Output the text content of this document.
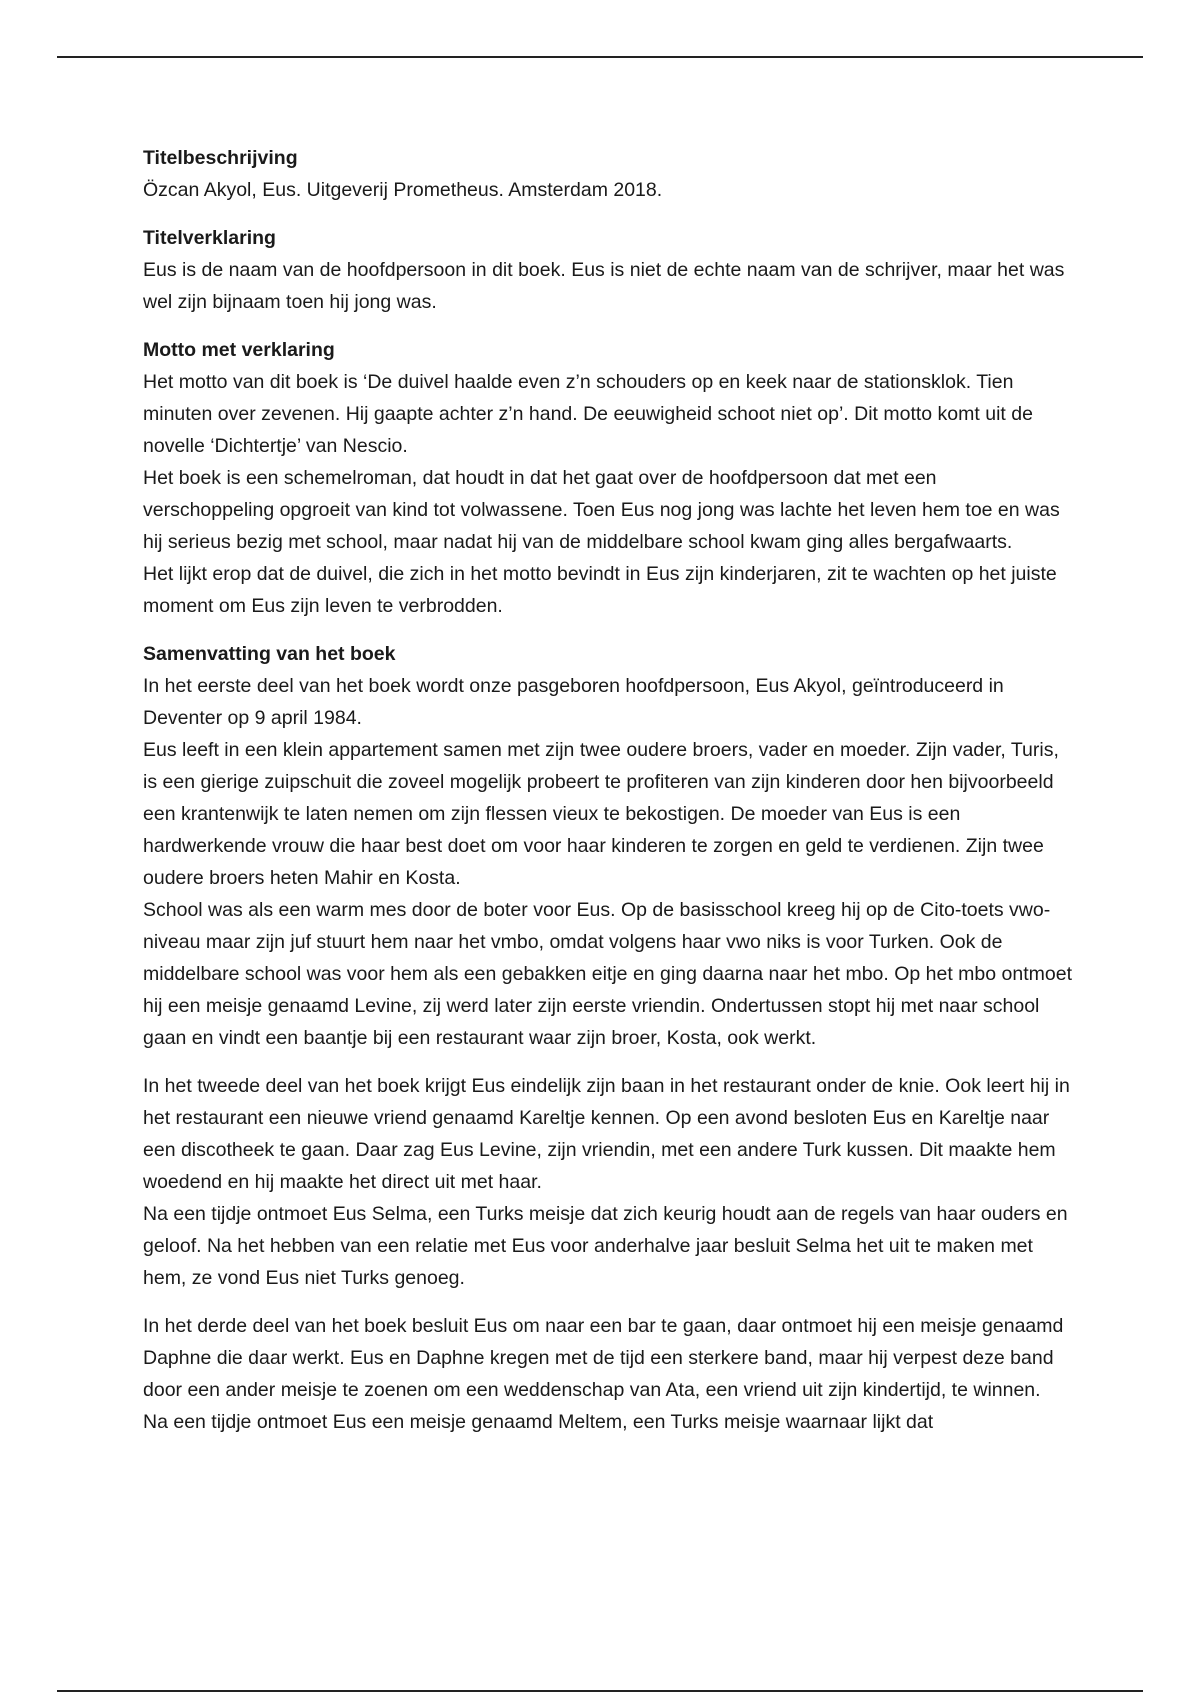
Titelbeschrijving

Özcan Akyol, Eus. Uitgeverij Prometheus. Amsterdam 2018.

Titelverklaring

Eus is de naam van de hoofdpersoon in dit boek. Eus is niet de echte naam van de schrijver, maar het was wel zijn bijnaam toen hij jong was.

Motto met verklaring

Het motto van dit boek is ‘De duivel haalde even z’n schouders op en keek naar de stationsklok. Tien minuten over zevenen. Hij gaapte achter z’n hand. De eeuwigheid schoot niet op’. Dit motto komt uit de novelle ‘Dichtertje’ van Nescio.

Het boek is een schemelroman, dat houdt in dat het gaat over de hoofdpersoon dat met een verschoppeling opgroeit van kind tot volwassene. Toen Eus nog jong was lachte het leven hem toe en was hij serieus bezig met school, maar nadat hij van de middelbare school kwam ging alles bergafwaarts.

Het lijkt erop dat de duivel, die zich in het motto bevindt in Eus zijn kinderjaren, zit te wachten op het juiste moment om Eus zijn leven te verbrodden.

Samenvatting van het boek

In het eerste deel van het boek wordt onze pasgeboren hoofdpersoon, Eus Akyol, geïntroduceerd in Deventer op 9 april 1984.

Eus leeft in een klein appartement samen met zijn twee oudere broers, vader en moeder. Zijn vader, Turis, is een gierige zuipschuit die zoveel mogelijk probeert te profiteren van zijn kinderen door hen bijvoorbeeld een krantenwijk te laten nemen om zijn flessen vieux te bekostigen. De moeder van Eus is een hardwerkende vrouw die haar best doet om voor haar kinderen te zorgen en geld te verdienen. Zijn twee oudere broers heten Mahir en Kosta.

School was als een warm mes door de boter voor Eus. Op de basisschool kreeg hij op de Cito-toets vwo-niveau maar zijn juf stuurt hem naar het vmbo, omdat volgens haar vwo niks is voor Turken. Ook de middelbare school was voor hem als een gebakken eitje en ging daarna naar het mbo. Op het mbo ontmoet hij een meisje genaamd Levine, zij werd later zijn eerste vriendin. Ondertussen stopt hij met naar school gaan en vindt een baantje bij een restaurant waar zijn broer, Kosta, ook werkt.

In het tweede deel van het boek krijgt Eus eindelijk zijn baan in het restaurant onder de knie. Ook leert hij in het restaurant een nieuwe vriend genaamd Kareltje kennen. Op een avond besloten Eus en Kareltje naar een discotheek te gaan. Daar zag Eus Levine, zijn vriendin, met een andere Turk kussen. Dit maakte hem woedend en hij maakte het direct uit met haar.

Na een tijdje ontmoet Eus Selma, een Turks meisje dat zich keurig houdt aan de regels van haar ouders en geloof. Na het hebben van een relatie met Eus voor anderhalve jaar besluit Selma het uit te maken met hem, ze vond Eus niet Turks genoeg.

In het derde deel van het boek besluit Eus om naar een bar te gaan, daar ontmoet hij een meisje genaamd Daphne die daar werkt. Eus en Daphne kregen met de tijd een sterkere band, maar hij verpest deze band door een ander meisje te zoenen om een weddenschap van Ata, een vriend uit zijn kindertijd, te winnen.

Na een tijdje ontmoet Eus een meisje genaamd Meltem, een Turks meisje waarnaar lijkt dat
